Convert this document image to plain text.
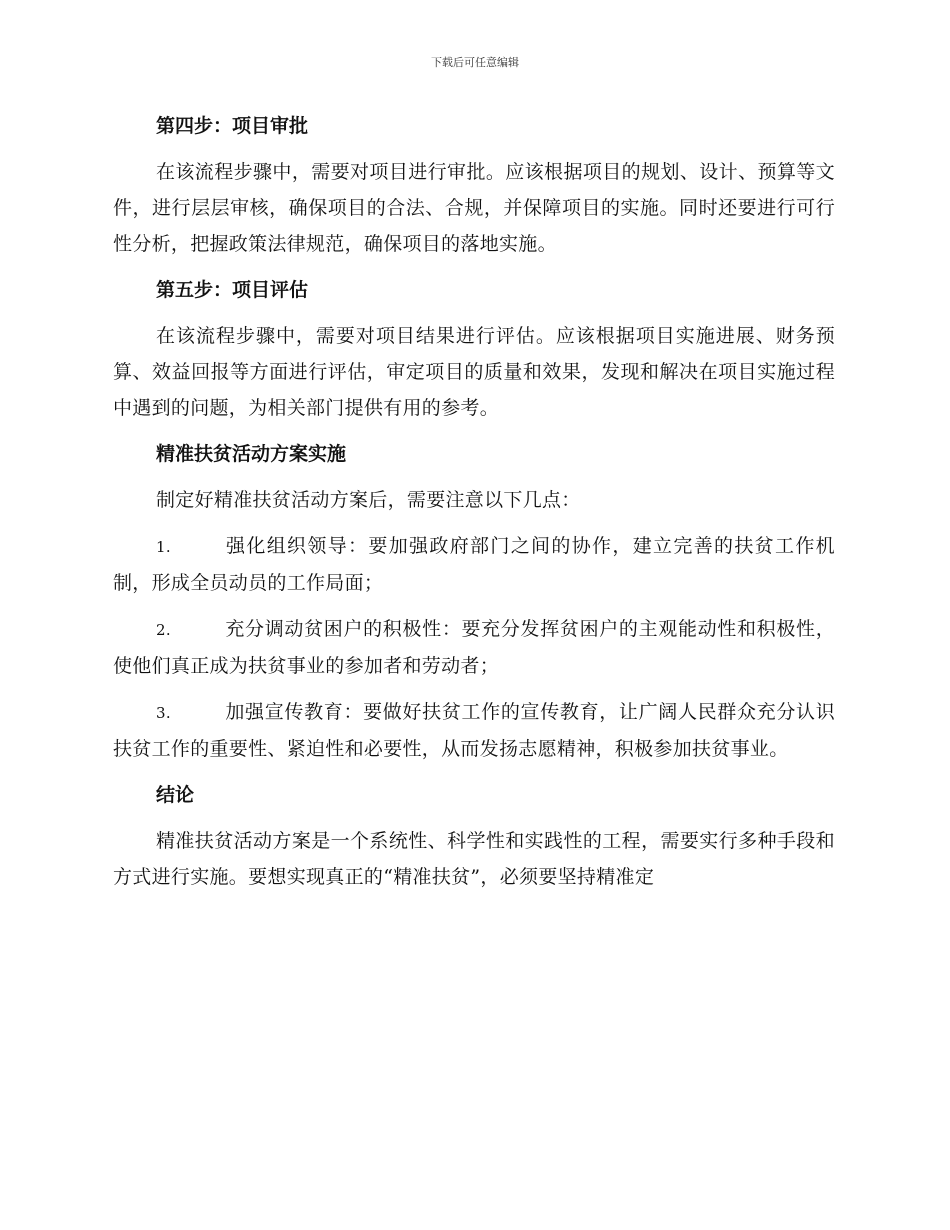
下载后可任意编辑
第四步：项目审批
在该流程步骤中，需要对项目进行审批。应该根据项目的规划、设计、预算等文件，进行层层审核，确保项目的合法、合规，并保障项目的实施。同时还要进行可行性分析，把握政策法律规范，确保项目的落地实施。
第五步：项目评估
在该流程步骤中，需要对项目结果进行评估。应该根据项目实施进展、财务预算、效益回报等方面进行评估，审定项目的质量和效果，发现和解决在项目实施过程中遇到的问题，为相关部门提供有用的参考。
精准扶贫活动方案实施
制定好精准扶贫活动方案后，需要注意以下几点：
1.	强化组织领导：要加强政府部门之间的协作，建立完善的扶贫工作机制，形成全员动员的工作局面；
2.	充分调动贫困户的积极性：要充分发挥贫困户的主观能动性和积极性，使他们真正成为扶贫事业的参加者和劳动者；
3.	加强宣传教育：要做好扶贫工作的宣传教育，让广阔人民群众充分认识扶贫工作的重要性、紧迫性和必要性，从而发扬志愿精神，积极参加扶贫事业。
结论
精准扶贫活动方案是一个系统性、科学性和实践性的工程，需要实行多种手段和方式进行实施。要想实现真正的“精准扶贫”，必须要坚持精准定
